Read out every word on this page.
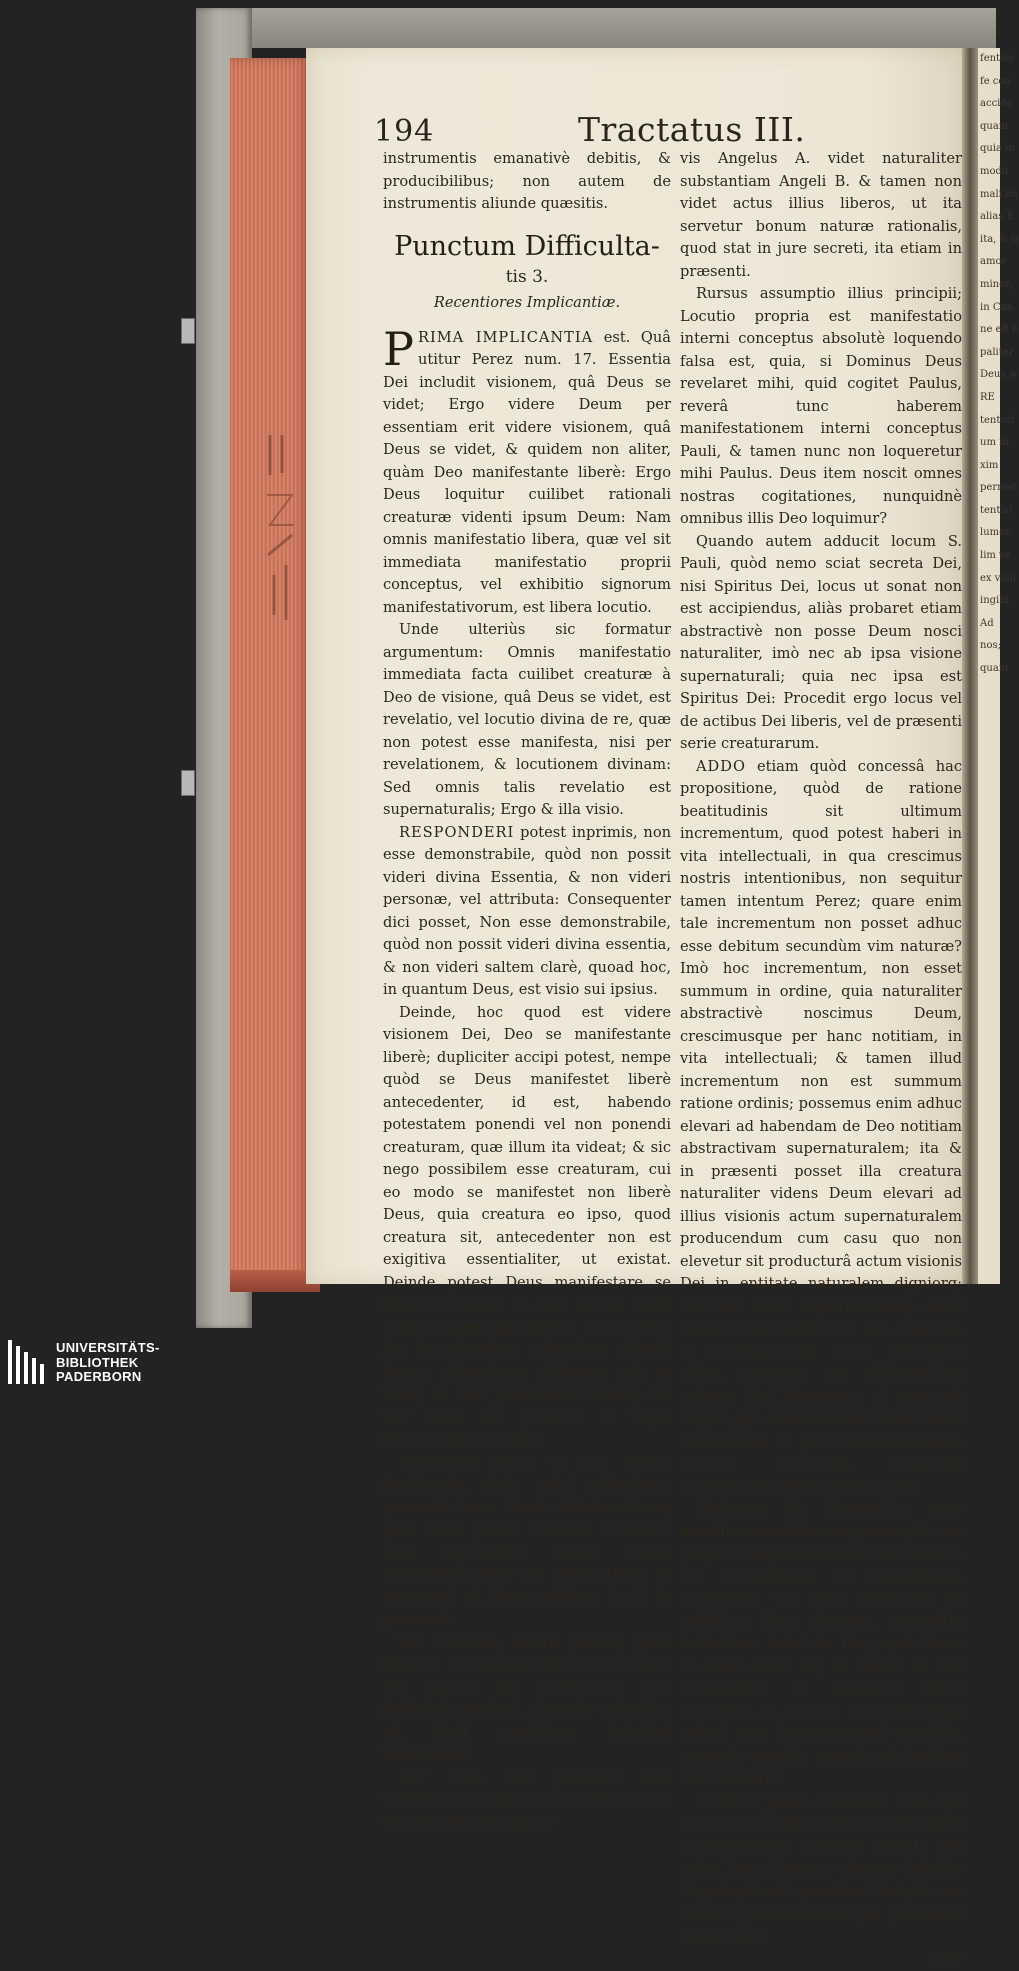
fentier
fe con
accide
quam
quia in
modu
mali im
alias E
ita, & u
amor
minor;
in Can
ne eft b
paliter
Deus w
RE
tentori
um in
xim
permat
tentivi
lumen
lim ve
ex volu
ingibi
Ad
nos;
quam
194	Tractatus III.

instrumentis emanativè debitis, & producibilibus; non autem de instrumentis aliunde quæsitis.

Punctum Difficulta-
tis 3.
Recentiores Implicantiæ.

PRIMA IMPLICANTIA est. Quâ utitur Perez num. 17. Essentia Dei includit visionem, quâ Deus se videt; Ergo videre Deum per essentiam erit videre visionem, quâ Deus se videt, & quidem non aliter, quàm Deo manifestante liberè: Ergo Deus loquitur cuilibet rationali creaturæ videnti ipsum Deum: Nam omnis manifestatio libera, quæ vel sit immediata manifestatio proprii conceptus, vel exhibitio signorum manifestativorum, est libera locutio.

Unde ulteriùs sic formatur argumentum: Omnis manifestatio immediata facta cuilibet creaturæ à Deo de visione, quâ Deus se videt, est revelatio, vel locutio divina de re, quæ non potest esse manifesta, nisi per revelationem, & locutionem divinam: Sed omnis talis revelatio est supernaturalis; Ergo & illa visio.

RESPONDERI potest inprimis, non esse demonstrabile, quòd non possit videri divina Essentia, & non videri personæ, vel attributa: Consequenter dici posset, Non esse demonstrabile, quòd non possit videri divina essentia, & non videri saltem clarè, quoad hoc, in quantum Deus, est visio sui ipsius.

Deinde, hoc quod est videre visionem Dei, Deo se manifestante liberè; dupliciter accipi potest, nempe quòd se Deus manifestet liberè antecedenter, id est, habendo potestatem ponendi vel non ponendi creaturam, quæ illum ita videat; & sic nego possibilem esse creaturam, cui eo modo se manifestet non liberè Deus, quia creatura eo ipso, quod creatura sit, antecedenter non est exigitiva essentialiter, ut existat. Deinde potest Deus manifestare se liberè creaturæ in hoc sensu, quòd scilicet quæcunq; posita, non habeat jus & exigentiam naturalem videndi Deum, videndique visionem quâ se videt, & hoc probandum fuisset, de hoc enim est quæstio, & hujus implicantia quæritur.

Quanquam etiam ex hoc posset implicantia dicta solvi salvarique, quomodo tunc liberè videatur Deus, quia sicut positâ creaturâ rationali, quæ naturaliter noscit Deum abstractivè, liber est adhuc Deus, ut concurrat ad illam notitiam; ita & in præsenti.

Vel si mavis, dicere poteris, quòd liberum sit quidem Deo se revelare, sed positâ illâ revelatione non indigebit creaturâ, elevante principio, ad illud revelatum intuitivè noscendum.

Cur item non poterunt dari revelationes, quæ non sint extra vires naturæ? Et sicut quam-

vis Angelus A. videt naturaliter substantiam Angeli B. & tamen non videt actus illius liberos, ut ita servetur bonum naturæ rationalis, quod stat in jure secreti, ita etiam in præsenti.

Rursus assumptio illius principii; Locutio propria est manifestatio interni conceptus absolutè loquendo falsa est, quia, si Dominus Deus revelaret mihi, quid cogitet Paulus, reverâ tunc haberem manifestationem interni conceptus Pauli, & tamen nunc non loqueretur mihi Paulus. Deus item noscit omnes nostras cogitationes, nunquidnè omnibus illis Deo loquimur?

Quando autem adducit locum S. Pauli, quòd nemo sciat secreta Dei, nisi Spiritus Dei, locus ut sonat non est accipiendus, aliàs probaret etiam abstractivè non posse Deum nosci naturaliter, imò nec ab ipsa visione supernaturali; quia nec ipsa est Spiritus Dei: Procedit ergo locus vel de actibus Dei liberis, vel de præsenti serie creaturarum.

ADDO etiam quòd concessâ hac propositione, quòd de ratione beatitudinis sit ultimum incrementum, quod potest haberi in vita intellectuali, in qua crescimus nostris intentionibus, non sequitur tamen intentum Perez; quare enim tale incrementum non posset adhuc esse debitum secundùm vim naturæ? Imò hoc incrementum, non esset summum in ordine, quia naturaliter abstractivè noscimus Deum, crescimusque per hanc notitiam, in vita intellectuali; & tamen illud incrementum non est summum ratione ordinis; possemus enim adhuc elevari ad habendam de Deo notitiam abstractivam supernaturalem; ita & in præsenti posset illa creatura naturaliter videns Deum elevari ad illius visionis actum supernaturalem producendum cum casu quo non elevetur sit producturâ actum visionis Dei in entitate naturalem digniorq; erit ille actus supernaturalis, sicut dignior est abstractiva Dei cognitio, si supernaturalis foret. Possemus etiam crescere per attingentiam actuum Dei liberorum, ut crescunt Angeli, qui connaturaliter vident suas substantias, & per manifestationem actuum liberorum acquirunt incrementum vitæ intellectualis.

Cæterum illa Propositio, esse amabile summè in suo genere, & non propter indigentiam allativam doloris, aut corruptivam, vel impeditivam existentiæ, est boni præstantia & nobilitas: Hæc, inquam, propositio instantiam habet in Deo, quia Deus de facto amat se, & noscit se tali necessitate, ut desineret illius existentia, si se non nosceret; Ergo potest esse bonum summè amabile, quamvis negatio amoris existentiam illius solveret.

INSTAT primo. Deus est talis, qui possessus quolibet gradu beatitudinis supernaturalis animum satiat; est enim Deus bonum, absque defectu; Ergo implicabit possideri illud, & non habere possessionem quâ possidens posset esse

con-

UNIVERSITÄTS-
BIBLIOTHEK
PADERBORN
